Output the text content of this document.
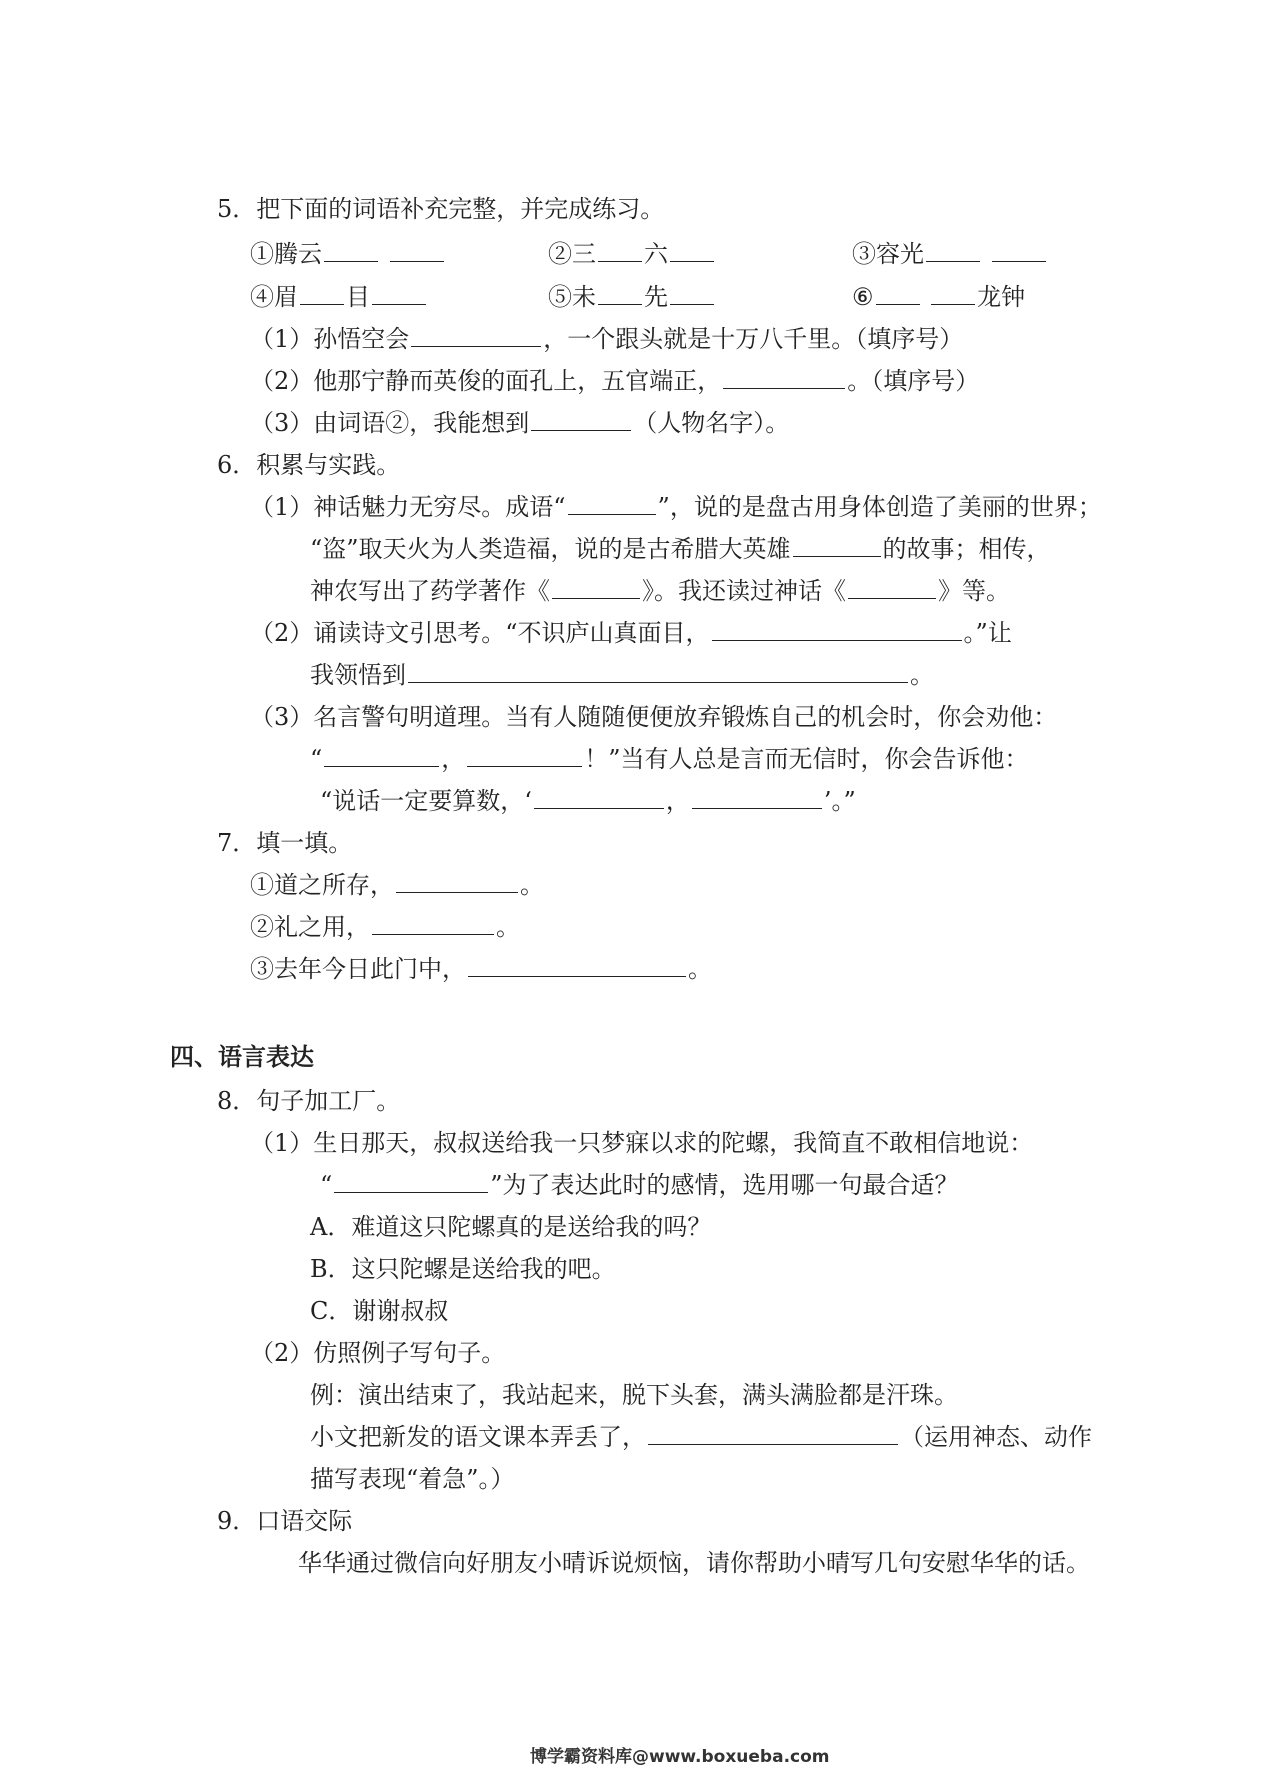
5．把下面的词语补充完整，并完成练习。
①腾云	②三 六	③容光
④眉 目	⑤未 先	⑥	龙钟
（1）孙悟空会	，一个跟头就是十万八千里。（填序号）
（2）他那宁静而英俊的面孔上，五官端正，	。（填序号）
（3）由词语②，我能想到	（人物名字）。
6．积累与实践。
（1）神话魅力无穷尽。成语“	”，说的是盘古用身体创造了美丽的世界；
“盗”取天火为人类造福，说的是古希腊大英雄	的故事；相传，
神农写出了药学著作《	》。我还读过神话《	》等。
（2）诵读诗文引思考。“不识庐山真面目，	。”让
我领悟到	。
（3）名言警句明道理。当有人随随便便放弃锻炼自己的机会时，你会劝他：
“	，	！”当有人总是言而无信时，你会告诉他：
“说话一定要算数，‘	，	’。”
7．填一填。
①道之所存，	。
②礼之用，	。
③去年今日此门中，	。
四、语言表达
8．句子加工厂。
（1）生日那天，叔叔送给我一只梦寐以求的陀螺，我简直不敢相信地说：
“	”为了表达此时的感情，选用哪一句最合适？
A．难道这只陀螺真的是送给我的吗？
B．这只陀螺是送给我的吧。
C．谢谢叔叔
（2）仿照例子写句子。
例：演出结束了，我站起来，脱下头套，满头满脸都是汗珠。
小文把新发的语文课本弄丢了，	（运用神态、动作
描写表现“着急”。）
9．口语交际
华华通过微信向好朋友小晴诉说烦恼，请你帮助小晴写几句安慰华华的话。
博学霸资料库@www.boxueba.com
